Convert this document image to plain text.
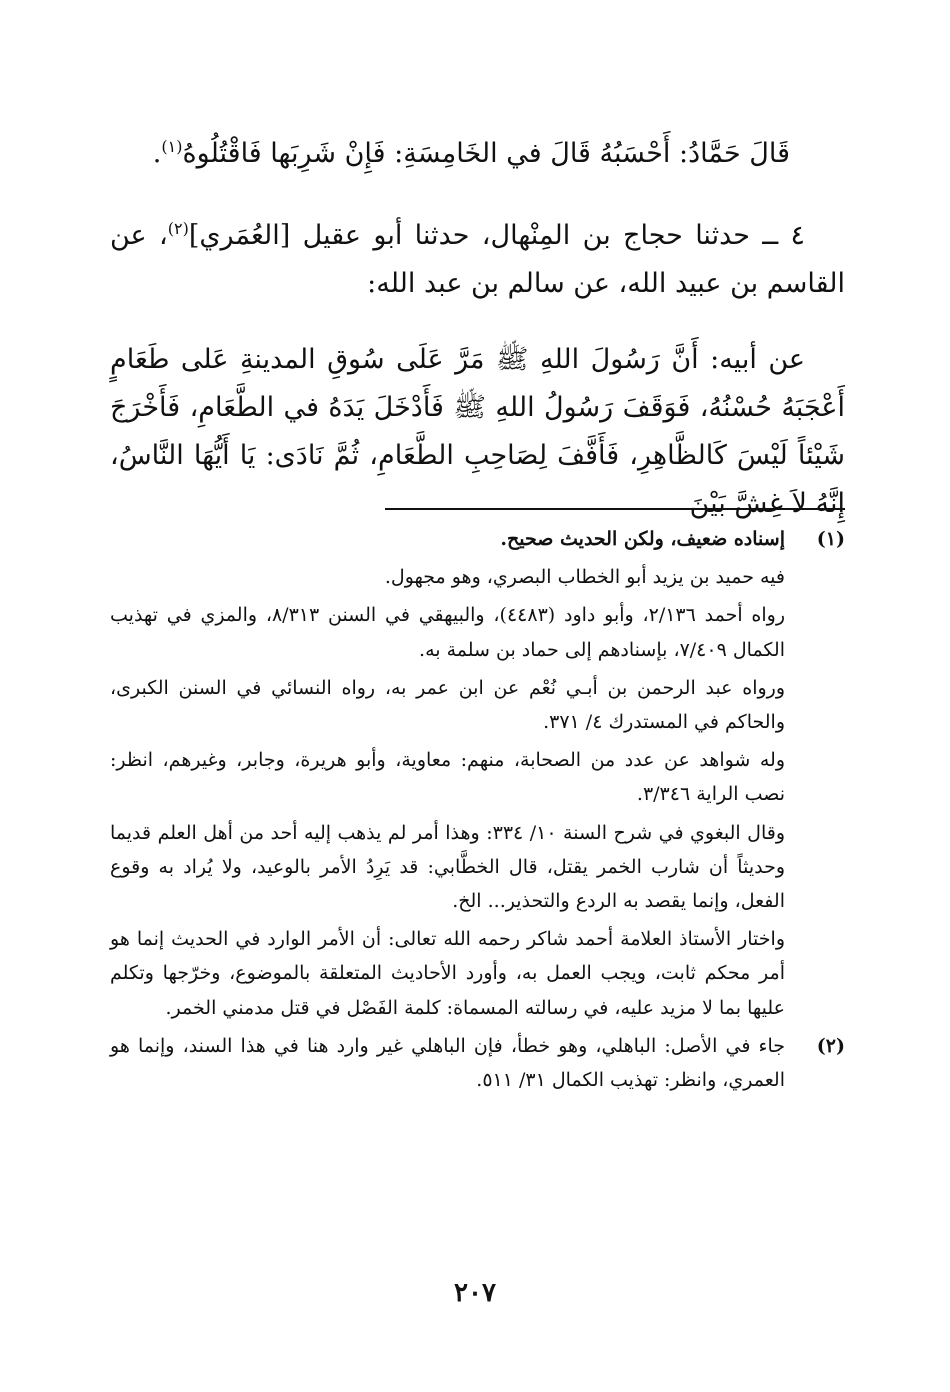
قَالَ حَمَّادُ: أَحْسَبُهُ قَالَ في الخَامِسَةِ: فَإِنْ شَرِبَها فَاقْتُلُوهُ$^{(١)}$.
٤ ــ حدثنا حجاج بن المِنْهال، حدثنا أبو عقيل [العُمَري]$^{(٢)}$، عن القاسم بن عبيد الله، عن سالم بن عبد الله:
عن أبيه: أَنَّ رَسُولَ اللهِ ﷺ مَرَّ عَلَى سُوقِ المدينةِ عَلى طَعَامٍ أَعْجَبَهُ حُسْنُهُ، فَوَقَفَ رَسُولُ اللهِ ﷺ فَأَدْخَلَ يَدَهُ في الطَّعَامِ، فَأَخْرَجَ شَيْئاً لَيْسَ كَالظَّاهِرِ، فَأَفَّفَ لِصَاحِبِ الطَّعَامِ، ثُمَّ نَادَى: يَا أَيُّهَا النَّاسُ، إِنَّهُ لاَ غِشَّ بَيْنَ
(١)

إسناده ضعيف، ولكن الحديث صحيح.

فيه حميد بن يزيد أبو الخطاب البصري، وهو مجهول.

رواه أحمد ٢/١٣٦، وأبو داود (٤٤٨٣)، والبيهقي في السنن ٨/٣١٣، والمزي في تهذيب الكمال ٧/٤٠٩، بإسنادهم إلى حماد بن سلمة به.

ورواه عبد الرحمن بن أبـي نُعْم عن ابن عمر به، رواه النسائي في السنن الكبرى، والحاكم في المستدرك ٤/ ٣٧١.

وله شواهد عن عدد من الصحابة، منهم: معاوية، وأبو هريرة، وجابر، وغيرهم، انظر: نصب الراية ٣/٣٤٦.

وقال البغوي في شرح السنة ١٠/ ٣٣٤: وهذا أمر لم يذهب إليه أحد من أهل العلم قديما وحديثاً أن شارب الخمر يقتل، قال الخطَّابي: قد يَرِدُ الأمر بالوعيد، ولا يُراد به وقوع الفعل، وإنما يقصد به الردع والتحذير... الخ.

واختار الأستاذ العلامة أحمد شاكر رحمه الله تعالى: أن الأمر الوارد في الحديث إنما هو أمر محكم ثابت، ويجب العمل به، وأورد الأحاديث المتعلقة بالموضوع، وخرّجها وتكلم عليها بما لا مزيد عليه، في رسالته المسماة: كلمة الفَصْل في قتل مدمني الخمر.

(٢)

جاء في الأصل: الباهلي، وهو خطأ، فإن الباهلي غير وارد هنا في هذا السند، وإنما هو العمري، وانظر: تهذيب الكمال ٣١/ ٥١١.

٢٠٧
